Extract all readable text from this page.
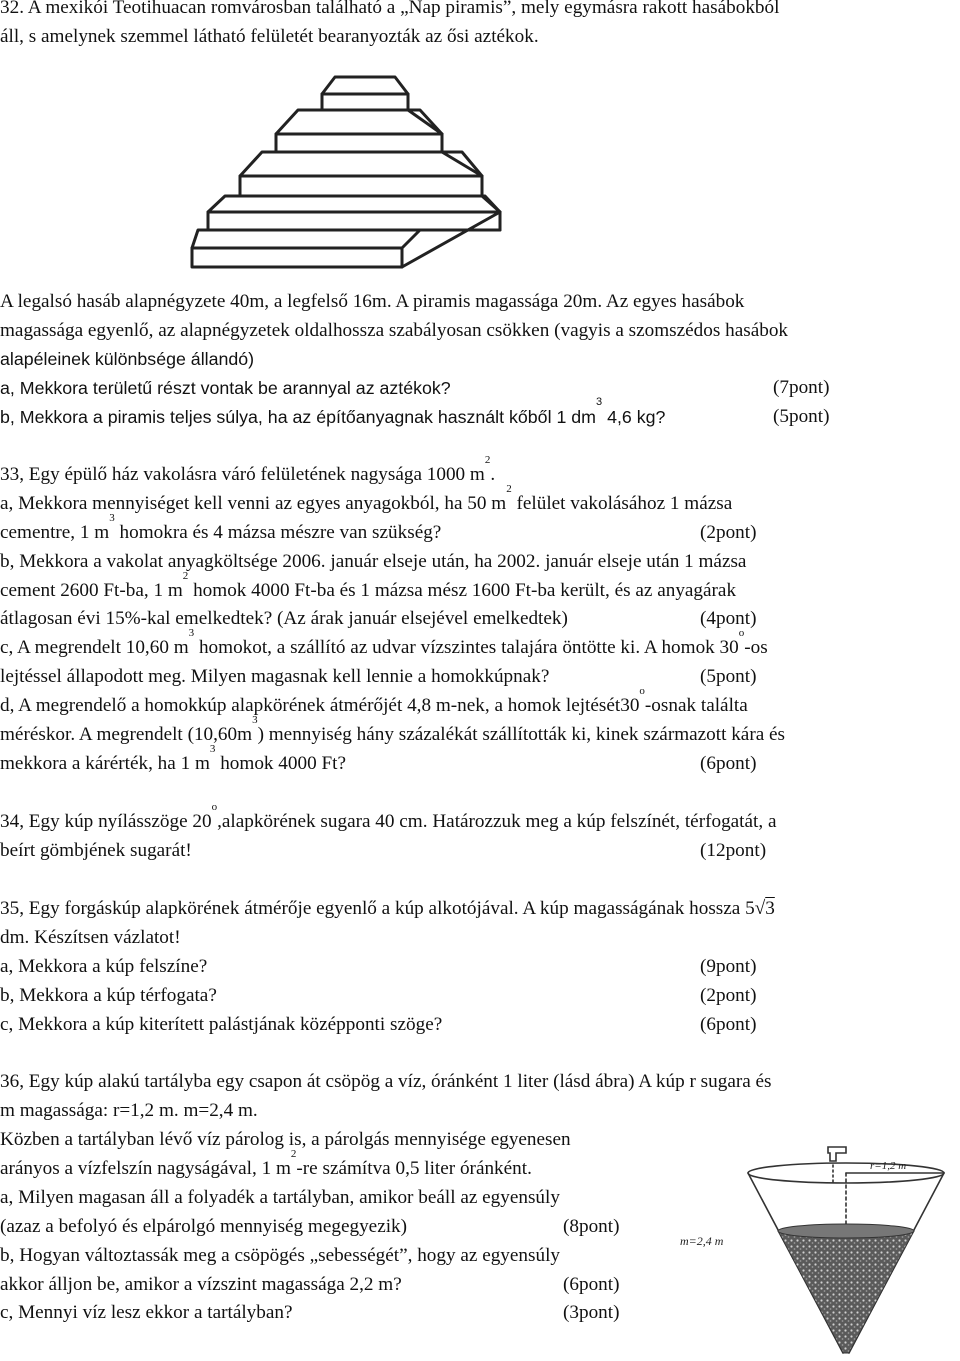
32. A mexikói Teotihuacan romvárosban található a „Nap piramis”, mely egymásra rakott hasábokból
áll, s amelynek szemmel látható felületét bearanyozták az ősi aztékok.
A legalsó hasáb alapnégyzete 40m, a legfelső 16m. A piramis magassága 20m. Az egyes hasábok
magassága egyenlő, az alapnégyzetek oldalhossza szabályosan csökken (vagyis a szomszédos hasábok
alapéleinek különbsége állandó)
a, Mekkora területű részt vontak be arannyal az aztékok?	(7pont)
b, Mekkora a piramis teljes súlya, ha az építőanyagnak használt kőből 1 $dm^3$ 4,6 kg?	(5pont)
33, Egy épülő ház vakolásra váró felületének nagysága 1000 $m^2$.
a, Mekkora mennyiséget kell venni az egyes anyagokból, ha 50 $m^2$ felület vakolásához 1 mázsa
cementre, 1 $m^3$ homokra és 4 mázsa mészre van szükség?	(2pont)
b, Mekkora a vakolat anyagköltsége 2006. január elseje után, ha 2002. január elseje után 1 mázsa
cement 2600 Ft-ba, 1 $m^2$ homok 4000 Ft-ba és 1 mázsa mész 1600 Ft-ba került, és az anyagárak
átlagosan évi 15%-kal emelkedtek? (Az árak január elsejével emelkedtek)	(4pont)
c, A megrendelt 10,60 $m^3$ homokot, a szállító az udvar vízszintes talajára öntötte ki. A homok 30$^o$-os
lejtéssel állapodott meg. Milyen magasnak kell lennie a homokkúpnak?	(5pont)
d, A megrendelő a homokkúp alapkörének átmérőjét 4,8 m-nek, a homok lejtését30$^o$-osnak találta
méréskor. A megrendelt $(10,60m^3)$ mennyiség hány százalékát szállították ki, kinek származott kára és
mekkora a kárérték, ha 1 $m^3$ homok 4000 Ft?	(6pont)
34, Egy kúp nyílásszöge 20$^o$,alapkörének sugara 40 cm. Határozzuk meg a kúp felszínét, térfogatát, a
beírt gömbjének sugarát!	(12pont)
35, Egy forgáskúp alapkörének átmérője egyenlő a kúp alkotójával. A kúp magasságának hossza 5√3
dm. Készítsen vázlatot!
a, Mekkora a kúp felszíne?	(9pont)
b, Mekkora a kúp térfogata?	(2pont)
c, Mekkora a kúp kiterített palástjának középponti szöge?	(6pont)
36, Egy kúp alakú tartályba egy csapon át csöpög a víz, óránként 1 liter (lásd ábra) A kúp r sugara és
m magassága: r=1,2 m. m=2,4 m.
Közben a tartályban lévő víz párolog is, a párolgás mennyisége egyenesen
arányos a vízfelszín nagyságával, 1 $m^2-re$ számítva 0,5 liter óránként.
a, Milyen magasan áll a folyadék a tartályban, amikor beáll az egyensúly
(azaz a befolyó és elpárolgó mennyiség megegyezik)	(8pont)
b, Hogyan változtassák meg a csöpögés „sebességét”, hogy az egyensúly
akkor álljon be, amikor a vízszint magassága 2,2 m?	(6pont)
c, Mennyi víz lesz ekkor a tartályban?	(3pont)
r=1,2 m
m=2,4 m
